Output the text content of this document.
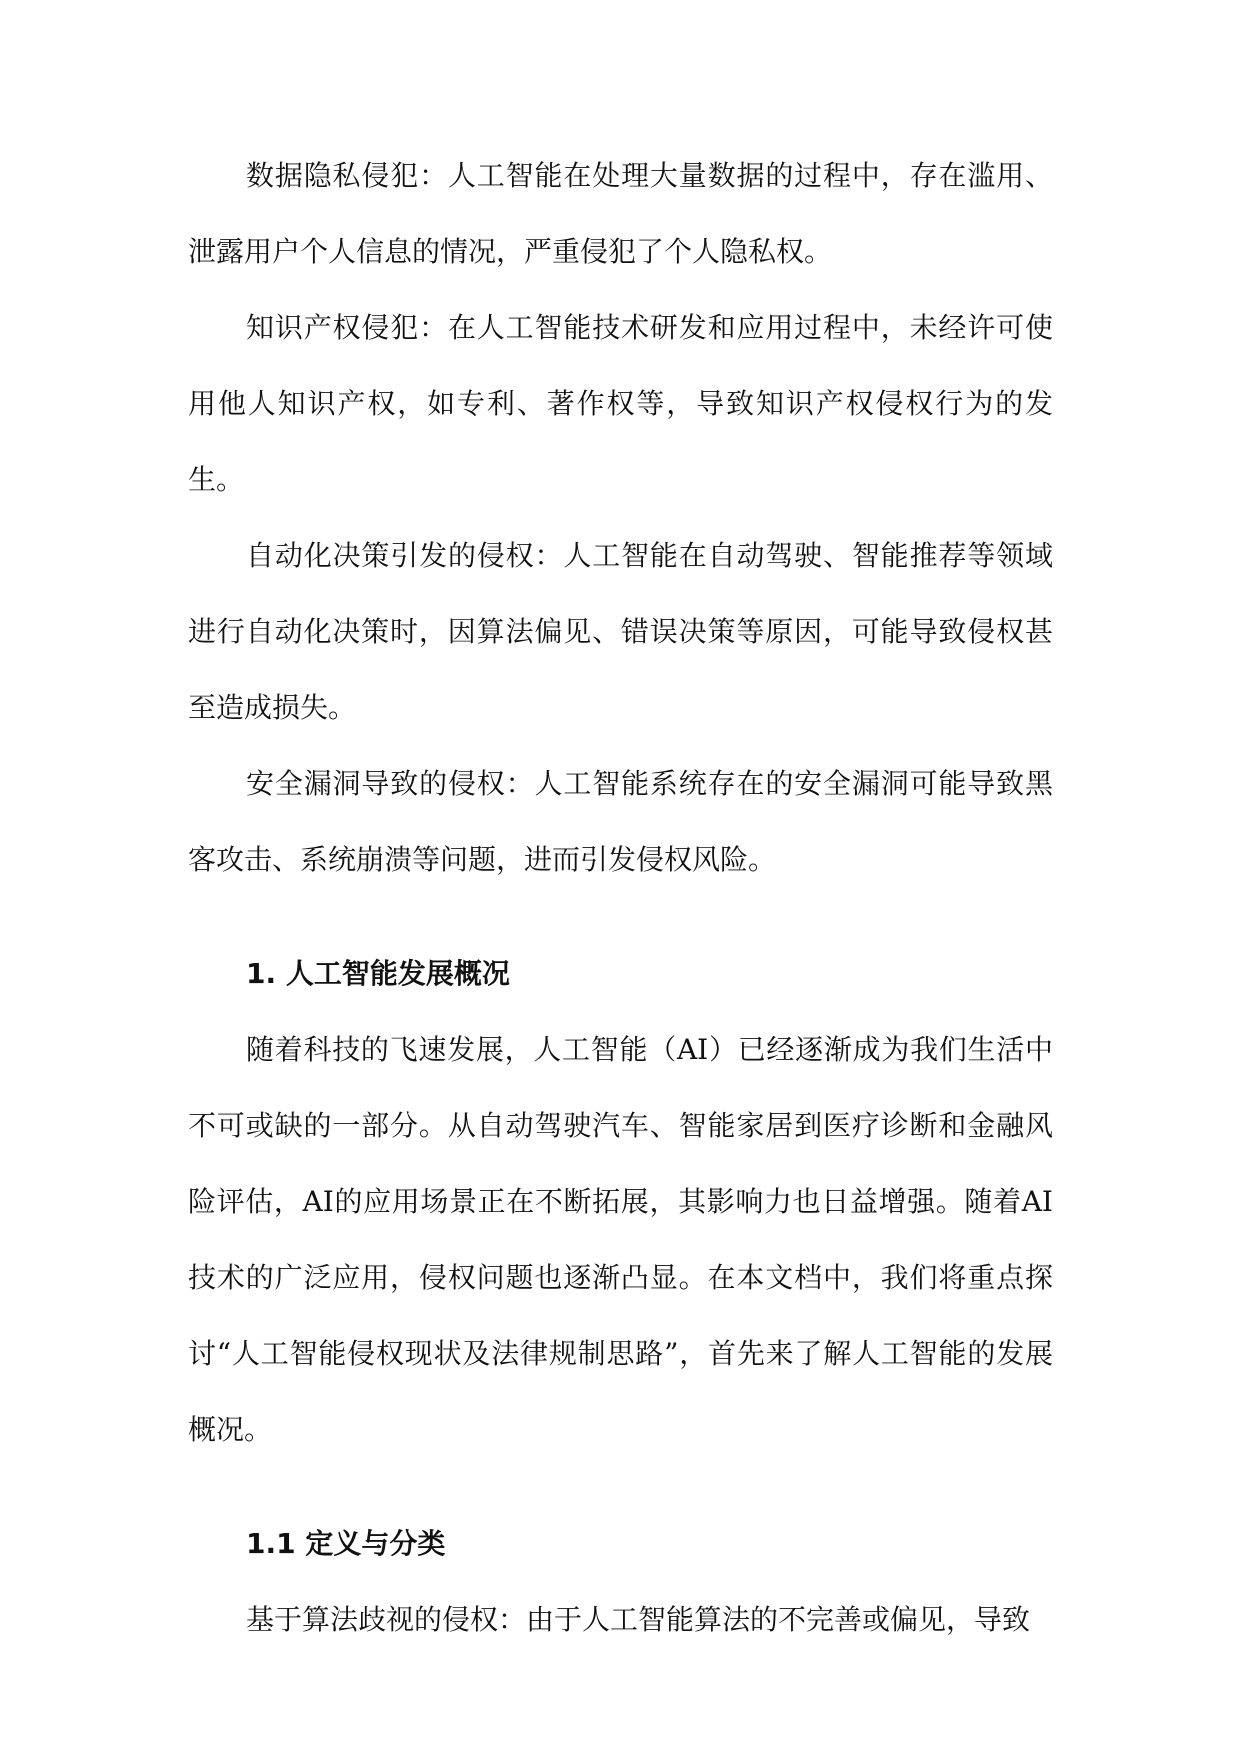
数据隐私侵犯：人工智能在处理大量数据的过程中，存在滥用、泄露用户个人信息的情况，严重侵犯了个人隐私权。

知识产权侵犯：在人工智能技术研发和应用过程中，未经许可使用他人知识产权，如专利、著作权等，导致知识产权侵权行为的发生。

自动化决策引发的侵权：人工智能在自动驾驶、智能推荐等领域进行自动化决策时，因算法偏见、错误决策等原因，可能导致侵权甚至造成损失。

安全漏洞导致的侵权：人工智能系统存在的安全漏洞可能导致黑客攻击、系统崩溃等问题，进而引发侵权风险。

1. 人工智能发展概况

随着科技的飞速发展，人工智能（AI）已经逐渐成为我们生活中不可或缺的一部分。从自动驾驶汽车、智能家居到医疗诊断和金融风险评估，AI的应用场景正在不断拓展，其影响力也日益增强。随着AI技术的广泛应用，侵权问题也逐渐凸显。在本文档中，我们将重点探讨“人工智能侵权现状及法律规制思路”，首先来了解人工智能的发展概况。

1.1 定义与分类

基于算法歧视的侵权：由于人工智能算法的不完善或偏见，导致
